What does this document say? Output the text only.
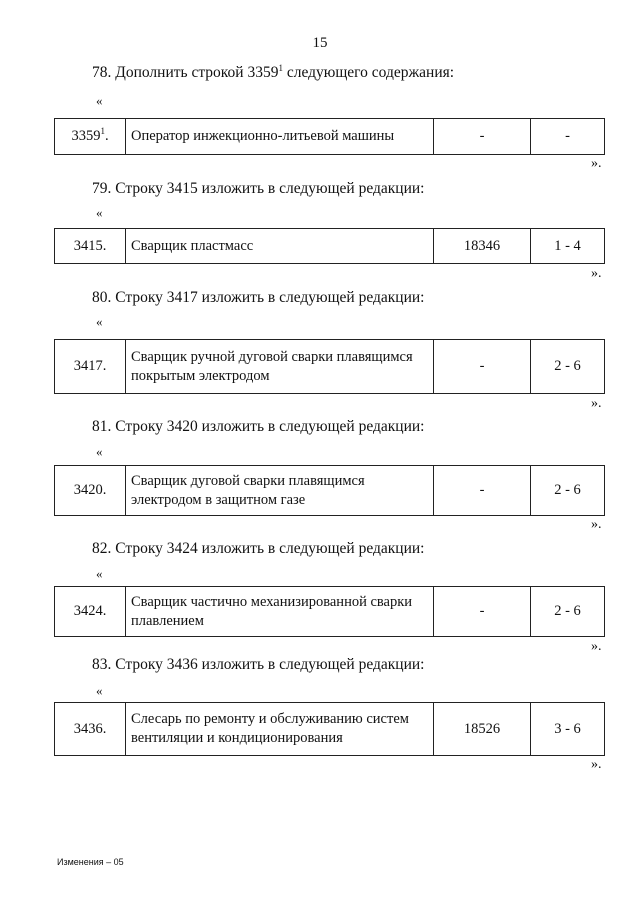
15
78. Дополнить строкой 3359$^1$ следующего содержания:
«
3359$^1$.	Оператор инжекционно-литьевой машины	-	-
».
79. Строку 3415 изложить в следующей редакции:
«
3415.	Сварщик пластмасс	18346	1 - 4
».
80. Строку 3417 изложить в следующей редакции:
«
3417.	Сварщик ручной дуговой сварки плавящимся покрытым электродом	-	2 - 6
».
81. Строку 3420 изложить в следующей редакции:
«
3420.	Сварщик дуговой сварки плавящимся электродом в защитном газе	-	2 - 6
».
82. Строку 3424 изложить в следующей редакции:
«
3424.	Сварщик частично механизированной сварки плавлением	-	2 - 6
».
83. Строку 3436 изложить в следующей редакции:
«
3436.	Слесарь по ремонту и обслуживанию систем вентиляции и кондиционирования	18526	3 - 6
».
Изменения – 05
